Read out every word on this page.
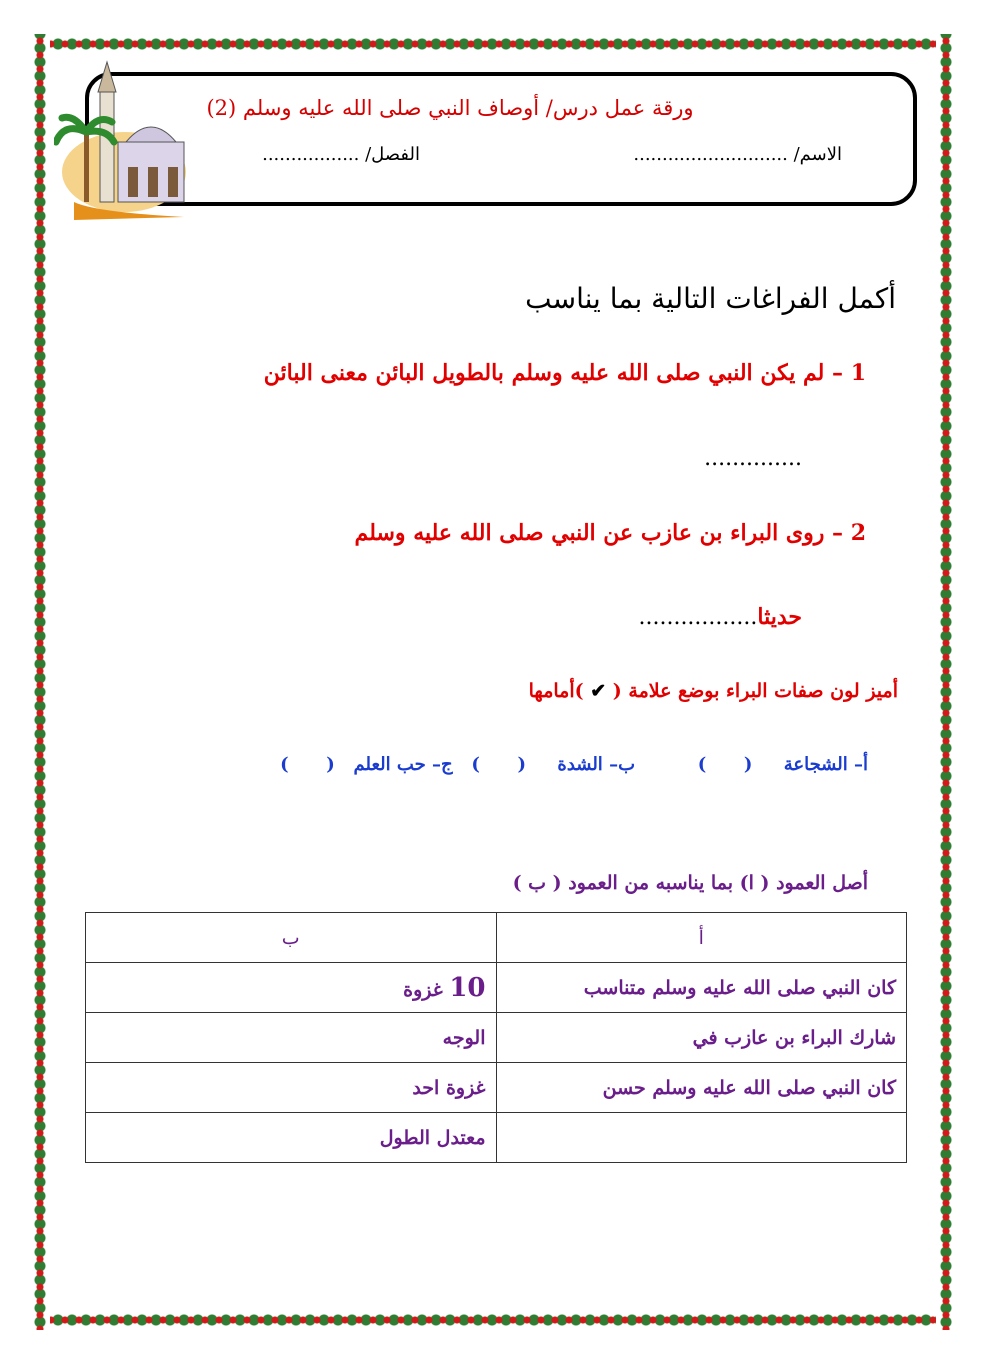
ورقة عمل درس/ أوصاف النبي صلى الله عليه وسلم (2)
الاسم/ ...........................
الفصل/ .................
أكمل الفراغات التالية بما يناسب
1 – لم يكن النبي صلى الله عليه وسلم بالطويل البائن معنى البائن
..............
2 – روى البراء بن عازب عن النبي صلى الله عليه وسلم
حديثا.................
أميز لون صفات البراء بوضع علامة ( ✔ )أمامها
أ– الشجاعة     (      )          ب– الشدة     (      )   ج– حب العلم   (      )
أصل العمود ( ا) بما يناسبه من العمود ( ب )
أ	ب
كان النبي صلى الله عليه وسلم متناسب	10 غزوة
شارك البراء بن عازب في	الوجه
كان النبي صلى الله عليه وسلم حسن	غزوة احد
	معتدل الطول
